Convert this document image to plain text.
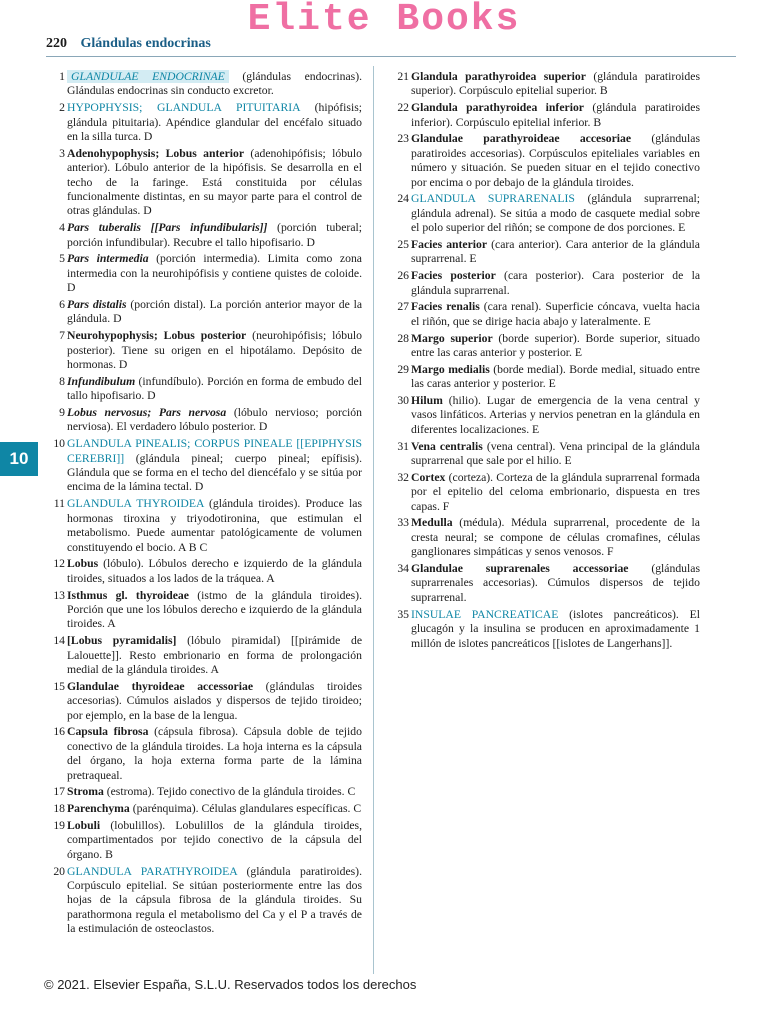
Elite Books
220 Glándulas endocrinas
10
1 GLANDULAE ENDOCRINAE (glándulas endocrinas). Glándulas endocrinas sin conducto excretor.
2 HYPOPHYSIS; GLANDULA PITUITARIA (hipófisis; glándula pituitaria). Apéndice glandular del encéfalo situado en la silla turca. D
3 Adenohypophysis; Lobus anterior (adenohipófisis; lóbulo anterior). Lóbulo anterior de la hipófisis. Se desarrolla en el techo de la faringe. Está constituida por células funcionalmente distintas, en su mayor parte para el control de otras glándulas. D
4 Pars tuberalis [[Pars infundibularis]] (porción tuberal; porción infundibular). Recubre el tallo hipofisario. D
5 Pars intermedia (porción intermedia). Limita como zona intermedia con la neurohipófisis y contiene quistes de coloide. D
6 Pars distalis (porción distal). La porción anterior mayor de la glándula. D
7 Neurohypophysis; Lobus posterior (neurohipófisis; lóbulo posterior). Tiene su origen en el hipotálamo. Depósito de hormonas. D
8 Infundibulum (infundíbulo). Porción en forma de embudo del tallo hipofisario. D
9 Lobus nervosus; Pars nervosa (lóbulo nervioso; porción nerviosa). El verdadero lóbulo posterior. D
10 GLANDULA PINEALIS; CORPUS PINEALE [[EPIPHYSIS CEREBRI]] (glándula pineal; cuerpo pineal; epífisis). Glándula que se forma en el techo del diencéfalo y se sitúa por encima de la lámina tectal. D
11 GLANDULA THYROIDEA (glándula tiroides). Produce las hormonas tiroxina y triyodotironina, que estimulan el metabolismo. Puede aumentar patológicamente de volumen constituyendo el bocio. A B C
12 Lobus (lóbulo). Lóbulos derecho e izquierdo de la glándula tiroides, situados a los lados de la tráquea. A
13 Isthmus gl. thyroideae (istmo de la glándula tiroides). Porción que une los lóbulos derecho e izquierdo de la glándula tiroides. A
14 [Lobus pyramidalis] (lóbulo piramidal) [[pirámide de Lalouette]]. Resto embrionario en forma de prolongación medial de la glándula tiroides. A
15 Glandulae thyroideae accessoriae (glándulas tiroides accesorias). Cúmulos aislados y dispersos de tejido tiroideo; por ejemplo, en la base de la lengua.
16 Capsula fibrosa (cápsula fibrosa). Cápsula doble de tejido conectivo de la glándula tiroides. La hoja interna es la cápsula del órgano, la hoja externa forma parte de la lámina pretraqueal.
17 Stroma (estroma). Tejido conectivo de la glándula tiroides. C
18 Parenchyma (parénquima). Células glandulares específicas. C
19 Lobuli (lobulillos). Lobulillos de la glándula tiroides, compartimentados por tejido conectivo de la cápsula del órgano. B
20 GLANDULA PARATHYROIDEA (glándula paratiroides). Corpúsculo epitelial. Se sitúan posteriormente entre las dos hojas de la cápsula fibrosa de la glándula tiroides. Su parathormona regula el metabolismo del Ca y el P a través de la estimulación de osteoclastos.
21 Glandula parathyroidea superior (glándula paratiroides superior). Corpúsculo epitelial superior. B
22 Glandula parathyroidea inferior (glándula paratiroides inferior). Corpúsculo epitelial inferior. B
23 Glandulae parathyroideae accesoriae (glándulas paratiroides accesorias). Corpúsculos epiteliales variables en número y situación. Se pueden situar en el tejido conectivo por encima o por debajo de la glándula tiroides.
24 GLANDULA SUPRARENALIS (glándula suprarrenal; glándula adrenal). Se sitúa a modo de casquete medial sobre el polo superior del riñón; se compone de dos porciones. E
25 Facies anterior (cara anterior). Cara anterior de la glándula suprarrenal. E
26 Facies posterior (cara posterior). Cara posterior de la glándula suprarrenal.
27 Facies renalis (cara renal). Superficie cóncava, vuelta hacia el riñón, que se dirige hacia abajo y lateralmente. E
28 Margo superior (borde superior). Borde superior, situado entre las caras anterior y posterior. E
29 Margo medialis (borde medial). Borde medial, situado entre las caras anterior y posterior. E
30 Hilum (hilio). Lugar de emergencia de la vena central y vasos linfáticos. Arterias y nervios penetran en la glándula en diferentes localizaciones. E
31 Vena centralis (vena central). Vena principal de la glándula suprarrenal que sale por el hilio. E
32 Cortex (corteza). Corteza de la glándula suprarrenal formada por el epitelio del celoma embrionario, dispuesta en tres capas. F
33 Medulla (médula). Médula suprarrenal, procedente de la cresta neural; se compone de células cromafines, células ganglionares simpáticas y senos venosos. F
34 Glandulae suprarenales accessoriae (glándulas suprarrenales accesorias). Cúmulos dispersos de tejido suprarrenal.
35 INSULAE PANCREATICAE (islotes pancreáticos). El glucagón y la insulina se producen en aproximadamente 1 millón de islotes pancreáticos [[islotes de Langerhans]].
© 2021. Elsevier España, S.L.U. Reservados todos los derechos
